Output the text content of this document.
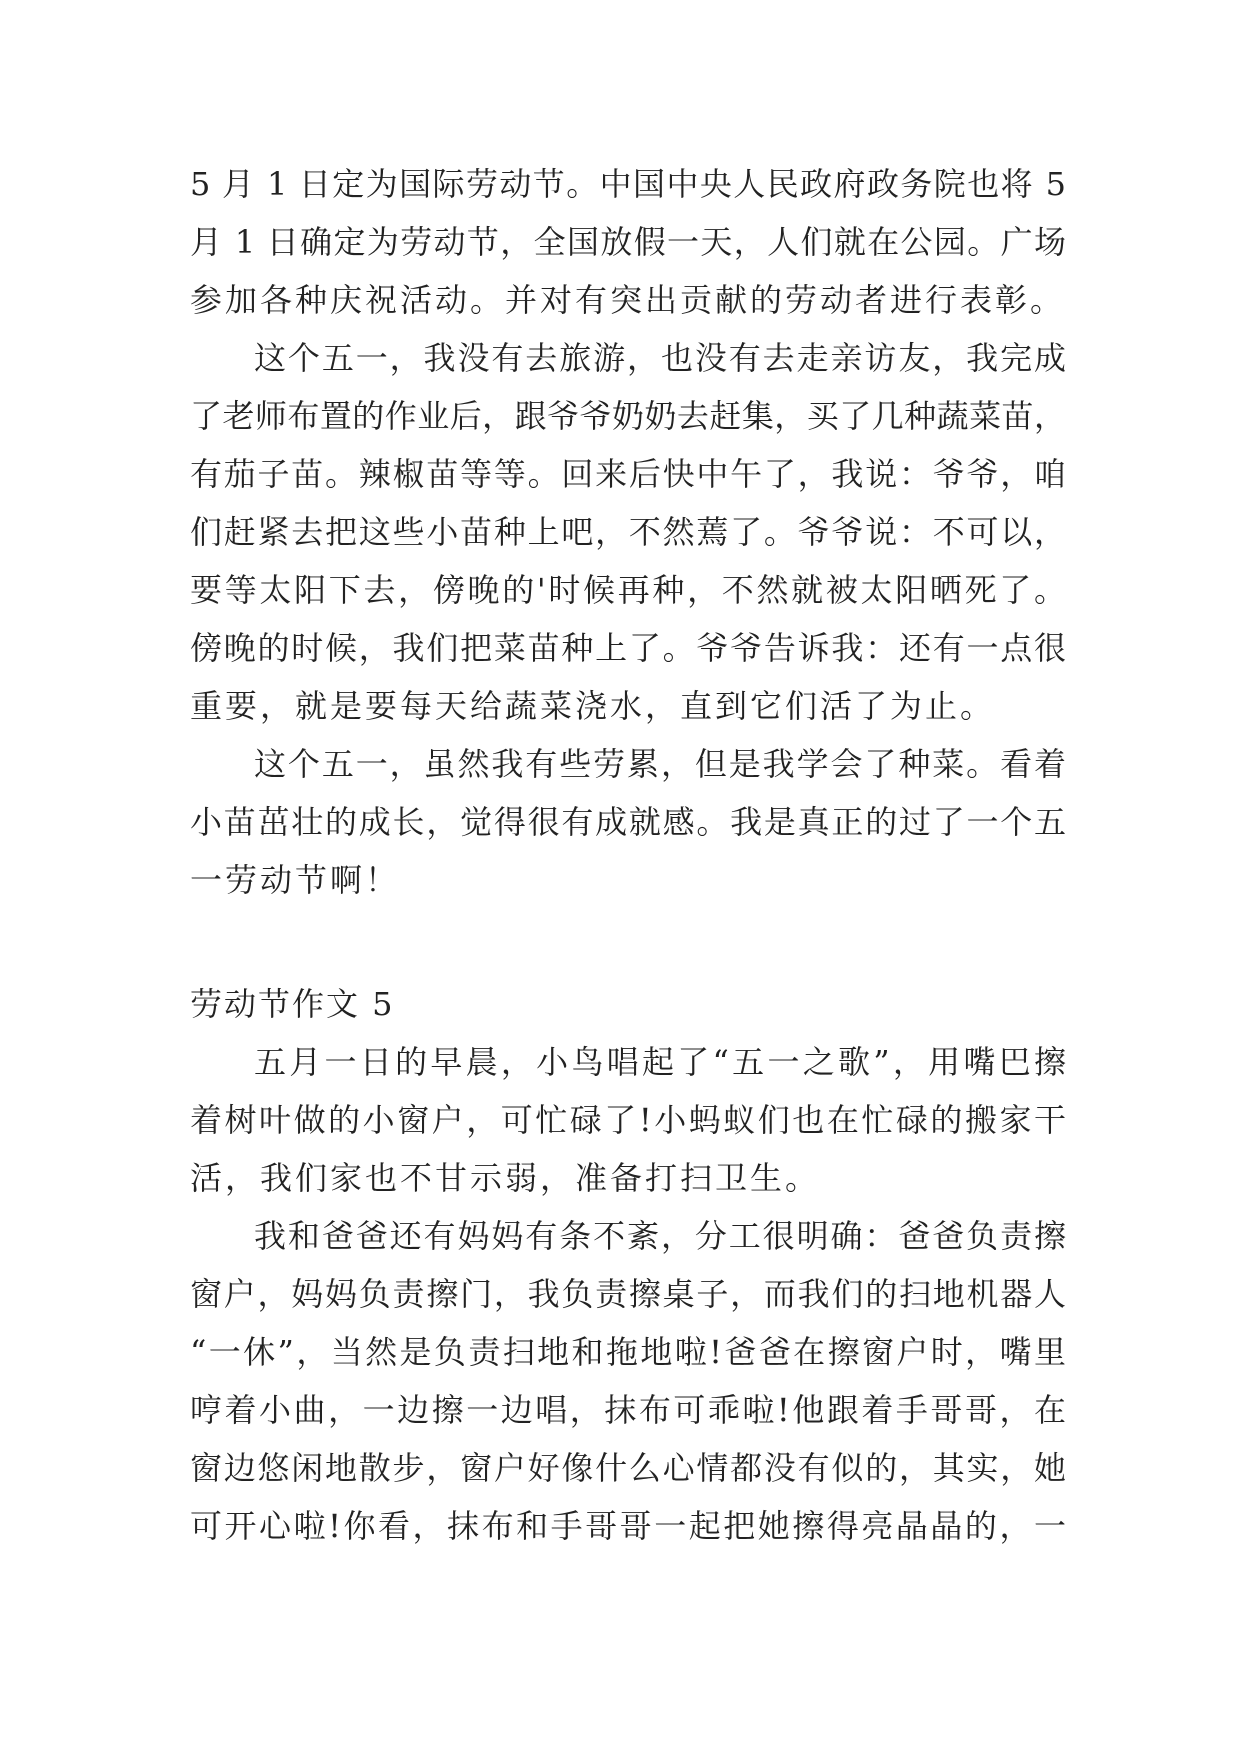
5 月 1 日定为国际劳动节。中国中央人民政府政务院也将 5
月 1 日确定为劳动节，全国放假一天，人们就在公园。广场
参加各种庆祝活动。并对有突出贡献的劳动者进行表彰。
这个五一，我没有去旅游，也没有去走亲访友，我完成
了老师布置的作业后，跟爷爷奶奶去赶集，买了几种蔬菜苗，
有茄子苗。辣椒苗等等。回来后快中午了，我说：爷爷，咱
们赶紧去把这些小苗种上吧，不然蔫了。爷爷说：不可以，
要等太阳下去，傍晚的'时候再种，不然就被太阳晒死了。
傍晚的时候，我们把菜苗种上了。爷爷告诉我：还有一点很
重要，就是要每天给蔬菜浇水，直到它们活了为止。
这个五一，虽然我有些劳累，但是我学会了种菜。看着
小苗茁壮的成长，觉得很有成就感。我是真正的过了一个五
一劳动节啊！
劳动节作文 5
五月一日的早晨，小鸟唱起了“五一之歌”，用嘴巴擦
着树叶做的小窗户，可忙碌了!小蚂蚁们也在忙碌的搬家干
活，我们家也不甘示弱，准备打扫卫生。
我和爸爸还有妈妈有条不紊，分工很明确：爸爸负责擦
窗户，妈妈负责擦门，我负责擦桌子，而我们的扫地机器人
“一休”，当然是负责扫地和拖地啦!爸爸在擦窗户时，嘴里
哼着小曲，一边擦一边唱，抹布可乖啦!他跟着手哥哥，在
窗边悠闲地散步，窗户好像什么心情都没有似的，其实，她
可开心啦!你看，抹布和手哥哥一起把她擦得亮晶晶的，一
